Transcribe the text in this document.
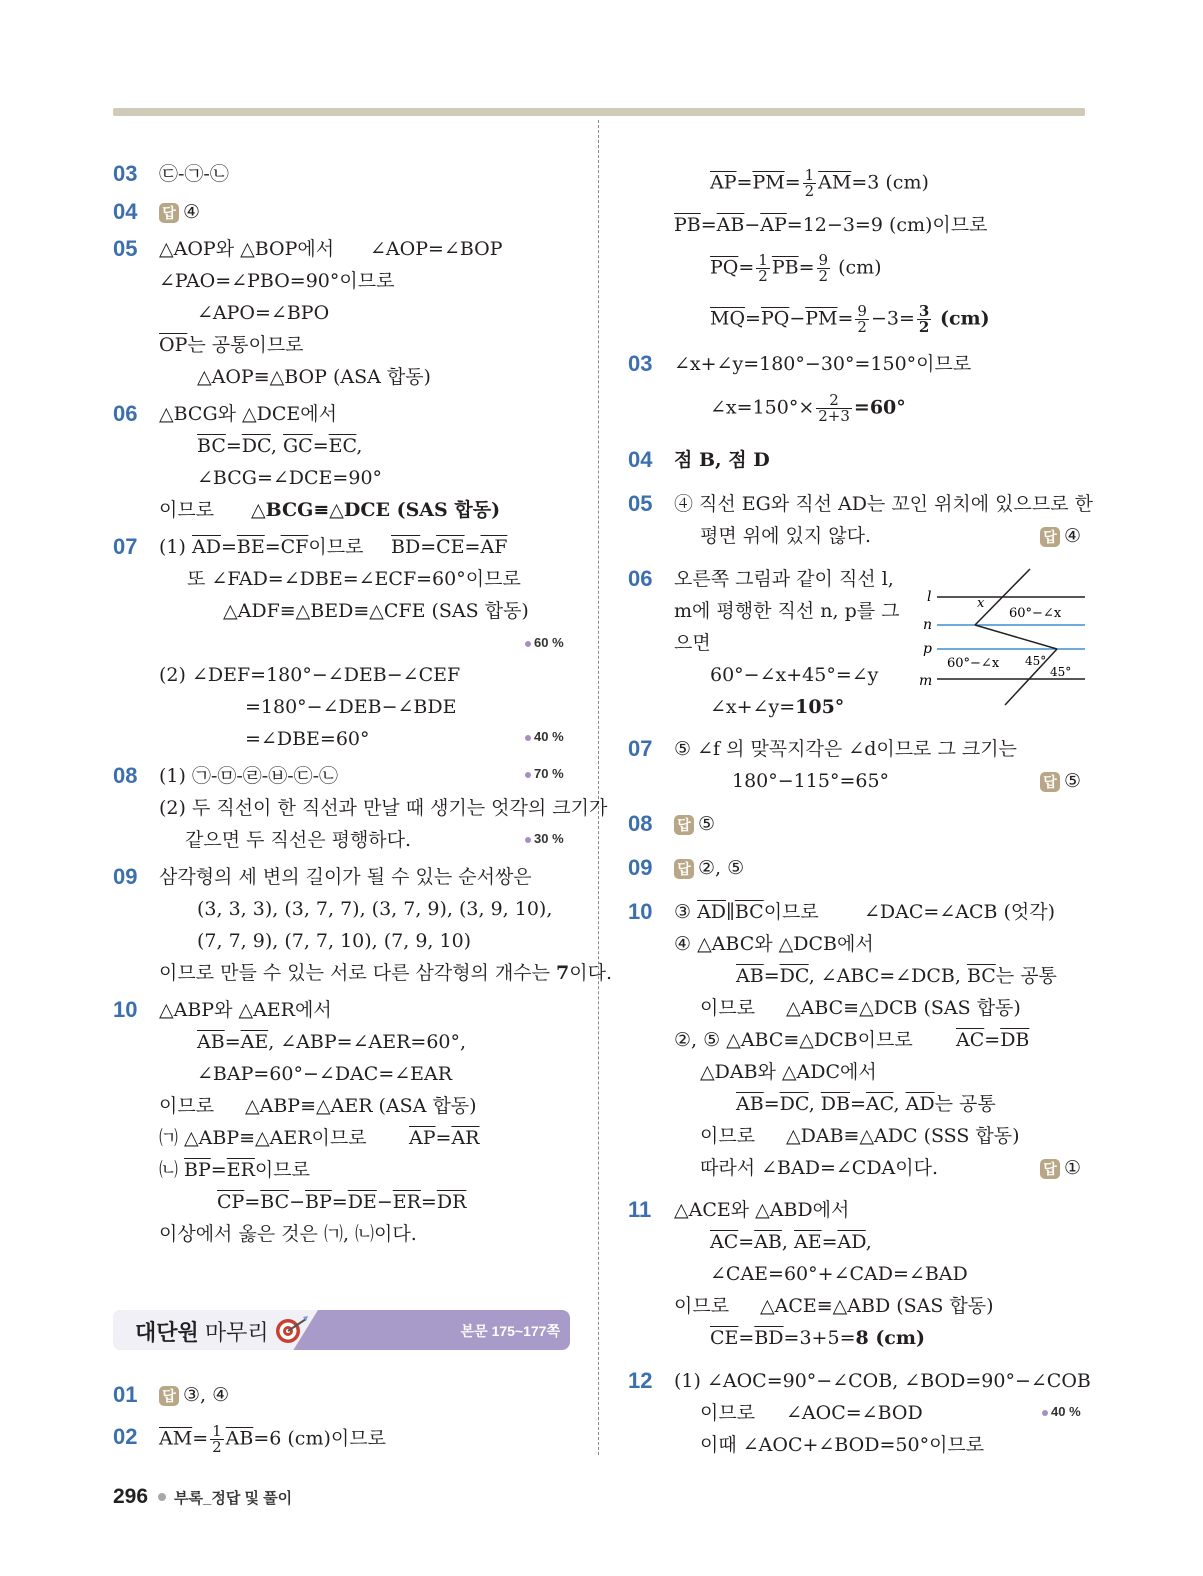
03 ㉢-㉠-㉡
04 답 ④
05 △AOP와 △BOP에서 ∠AOP=∠BOP
∠PAO=∠PBO=90°이므로
∠APO=∠BPO
$\overline{OP}$는 공통이므로
△AOP≡△BOP (ASA 합동)
06 △BCG와 △DCE에서
$\overline{BC}=\overline{DC}$, $\overline{GC}=\overline{EC}$,
∠BCG=∠DCE=90°
이므로 △BCG≡△DCE (SAS 합동)
07 (1) $\overline{AD}=\overline{BE}=\overline{CF}$이므로 $\overline{BD}=\overline{CE}=\overline{AF}$
또 ∠FAD=∠DBE=∠ECF=60°이므로
△ADF≡△BED≡△CFE (SAS 합동)
60 %
(2) ∠DEF=180°−∠DEB−∠CEF
=180°−∠DEB−∠BDE
=∠DBE=60°	40 %
08 (1) ㉠-㉤-㉣-㉥-㉢-㉡	70 %
(2) 두 직선이 한 직선과 만날 때 생기는 엇각의 크기가
같으면 두 직선은 평행하다.	30 %
09 삼각형의 세 변의 길이가 될 수 있는 순서쌍은
(3, 3, 3), (3, 7, 7), (3, 7, 9), (3, 9, 10),
(7, 7, 9), (7, 7, 10), (7, 9, 10)
이므로 만들 수 있는 서로 다른 삼각형의 개수는 7이다.
10 △ABP와 △AER에서
$\overline{AB}=\overline{AE}$, ∠ABP=∠AER=60°,
∠BAP=60°−∠DAC=∠EAR
이므로 △ABP≡△AER (ASA 합동)
㈀ △ABP≡△AER이므로 $\overline{AP}=\overline{AR}$
㈁ $\overline{BP}=\overline{ER}$이므로
$\overline{CP}=\overline{BC}-\overline{BP}=\overline{DE}-\overline{ER}=\overline{DR}$
이상에서 옳은 것은 ㈀, ㈁이다.
01 답 ③, ④
02 $\overline{AM}= \frac{1}{2} \overline{AB}=6$ (cm)이므로
대단원 마무리	본문 175~177쪽
$\overline{AP}=\overline{PM}= \frac{1}{2} \overline{AM}=3$ (cm)
$\overline{PB}=\overline{AB}-\overline{AP}=12-3=9$ (cm)이므로
$\overline{PQ}= \frac{1}{2} \overline{PB}= \frac{9}{2} (cm)$
$\overline{MQ}=\overline{PQ}-\overline{PM}= \frac{9}{2} -3= \frac{3}{2} (cm)$
03 ∠x+∠y=180°−30°=150°이므로
∠x=150°× $\frac{2}{2+3} =60^\circ$
04 점 B, 점 D
05 ④ 직선 EG와 직선 AD는 꼬인 위치에 있으므로 한
평면 위에 있지 않다.	답 ④
06 오른쪽 그림과 같이 직선 l,
m에 평행한 직선 n, p를 그
으면
60°−∠x+45°=∠y
∠x+∠y=105°
07 ⑤ ∠f 의 맞꼭지각은 ∠d이므로 그 크기는
180°−115°=65°	답 ⑤
08 답 ⑤
09 답 ②, ⑤
10 ③ $\overline{AD}\parallel\overline{BC}$이므로 ∠DAC=∠ACB (엇각)
④ △ABC와 △DCB에서
$\overline{AB}=\overline{DC}$, ∠ABC=∠DCB, $\overline{BC}$는 공통
이므로 △ABC≡△DCB (SAS 합동)
②, ⑤ △ABC≡△DCB이므로 $\overline{AC}=\overline{DB}$
△DAB와 △ADC에서
$\overline{AB}=\overline{DC}$, $\overline{DB}=\overline{AC}$, $\overline{AD}$는 공통
이므로 △DAB≡△ADC (SSS 합동)
따라서 ∠BAD=∠CDA이다.	답 ①
11 △ACE와 △ABD에서
$\overline{AC}=\overline{AB}$, $\overline{AE}=\overline{AD}$,
∠CAE=60°+∠CAD=∠BAD
이므로 △ACE≡△ABD (SAS 합동)
$\overline{CE}=\overline{BD}=3+5=8$ (cm)
12 (1) ∠AOC=90°−∠COB, ∠BOD=90°−∠COB
이므로 ∠AOC=∠BOD	40 %
이때 ∠AOC+∠BOD=50°이므로
l
n
p
m
x
60°−∠x
60°−∠x 45°
45°
296 부록_정답 및 풀이
